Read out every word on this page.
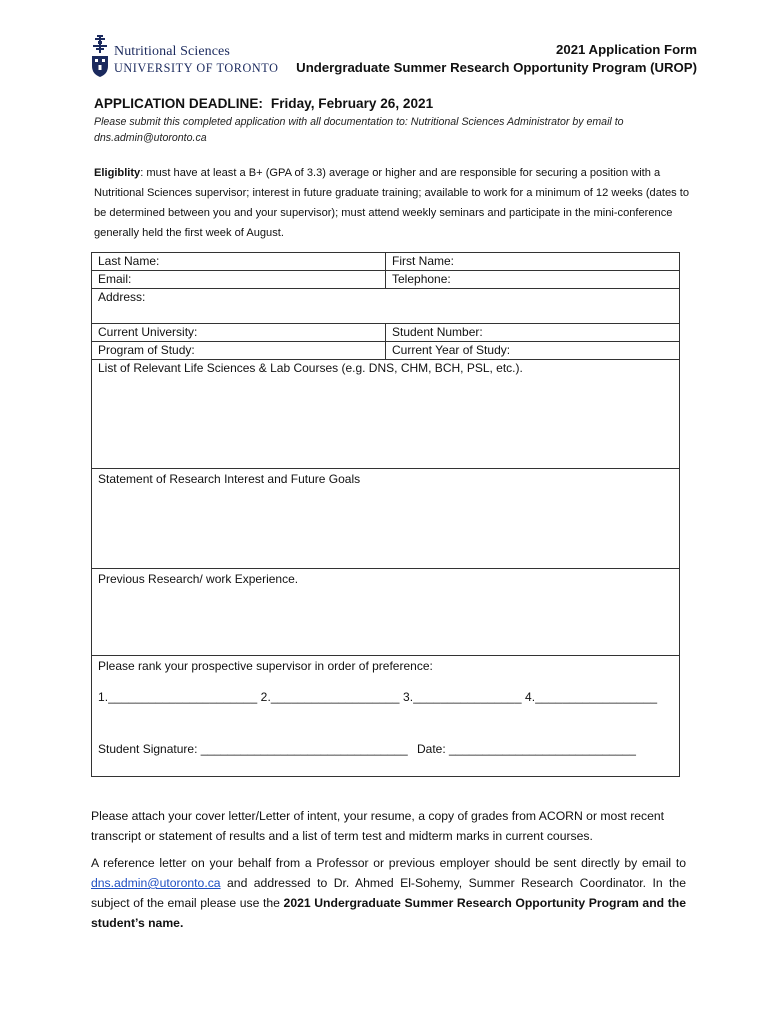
Nutritional Sciences
UNIVERSITY OF TORONTO
2021 Application Form
Undergraduate Summer Research Opportunity Program (UROP)
APPLICATION DEADLINE: Friday, February 26, 2021
Please submit this completed application with all documentation to: Nutritional Sciences Administrator by email to dns.admin@utoronto.ca
Eligiblity: must have at least a B+ (GPA of 3.3) average or higher and are responsible for securing a position with a Nutritional Sciences supervisor; interest in future graduate training; available to work for a minimum of 12 weeks (dates to be determined between you and your supervisor); must attend weekly seminars and participate in the mini-conference generally held the first week of August.
Last Name:	First Name:
Email:	Telephone:
Address:	
Current University:	Student Number:
Program of Study:	Current Year of Study:
List of Relevant Life Sciences & Lab Courses (e.g. DNS, CHM, BCH, PSL, etc.).	

Statement of Research Interest and Future Goals	

Previous Research/ work Experience.	

Please rank your prospective supervisor in order of preference:
1.______________________ 2.___________________ 3.________________ 4.__________________
Student Signature: _______________________________ Date: ____________________________	
Please attach your cover letter/Letter of intent, your resume, a copy of grades from ACORN or most recent transcript or statement of results and a list of term test and midterm marks in current courses.
A reference letter on your behalf from a Professor or previous employer should be sent directly by email to dns.admin@utoronto.ca and addressed to Dr. Ahmed El-Sohemy, Summer Research Coordinator. In the subject of the email please use the 2021 Undergraduate Summer Research Opportunity Program and the student’s name.
